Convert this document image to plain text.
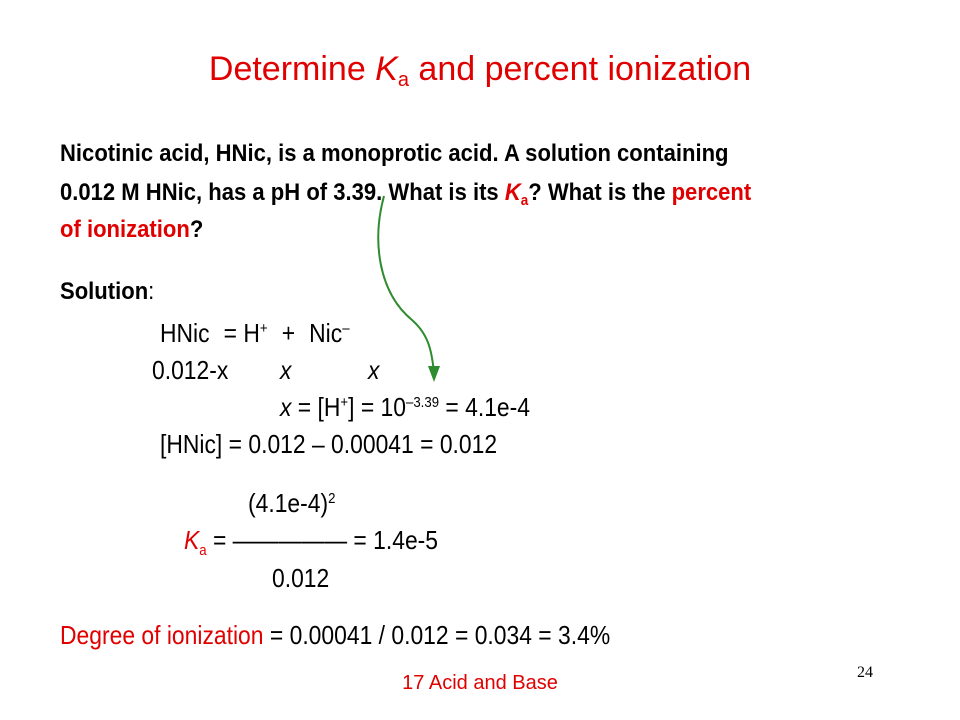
Determine $K_a$ and percent ionization
Nicotinic acid, HNic, is a monoprotic acid. A solution containing
0.012 M HNic, has a pH of 3.39. What is its $K_a$? What is the percent
of ionization?
Solution:
HNic = H+ + Nic–
0.012-x x	x
$x = [H^+] = 10^{-3.39} = 4.1e-4$
[HNic] = 0.012 – 0.00041 = 0.012
$(4.1e-4)^2$
$K_a$ = ————— = 1.4e-5
0.012
Degree of ionization = 0.00041 / 0.012 = 0.034 = 3.4%
17 Acid and Base	24
